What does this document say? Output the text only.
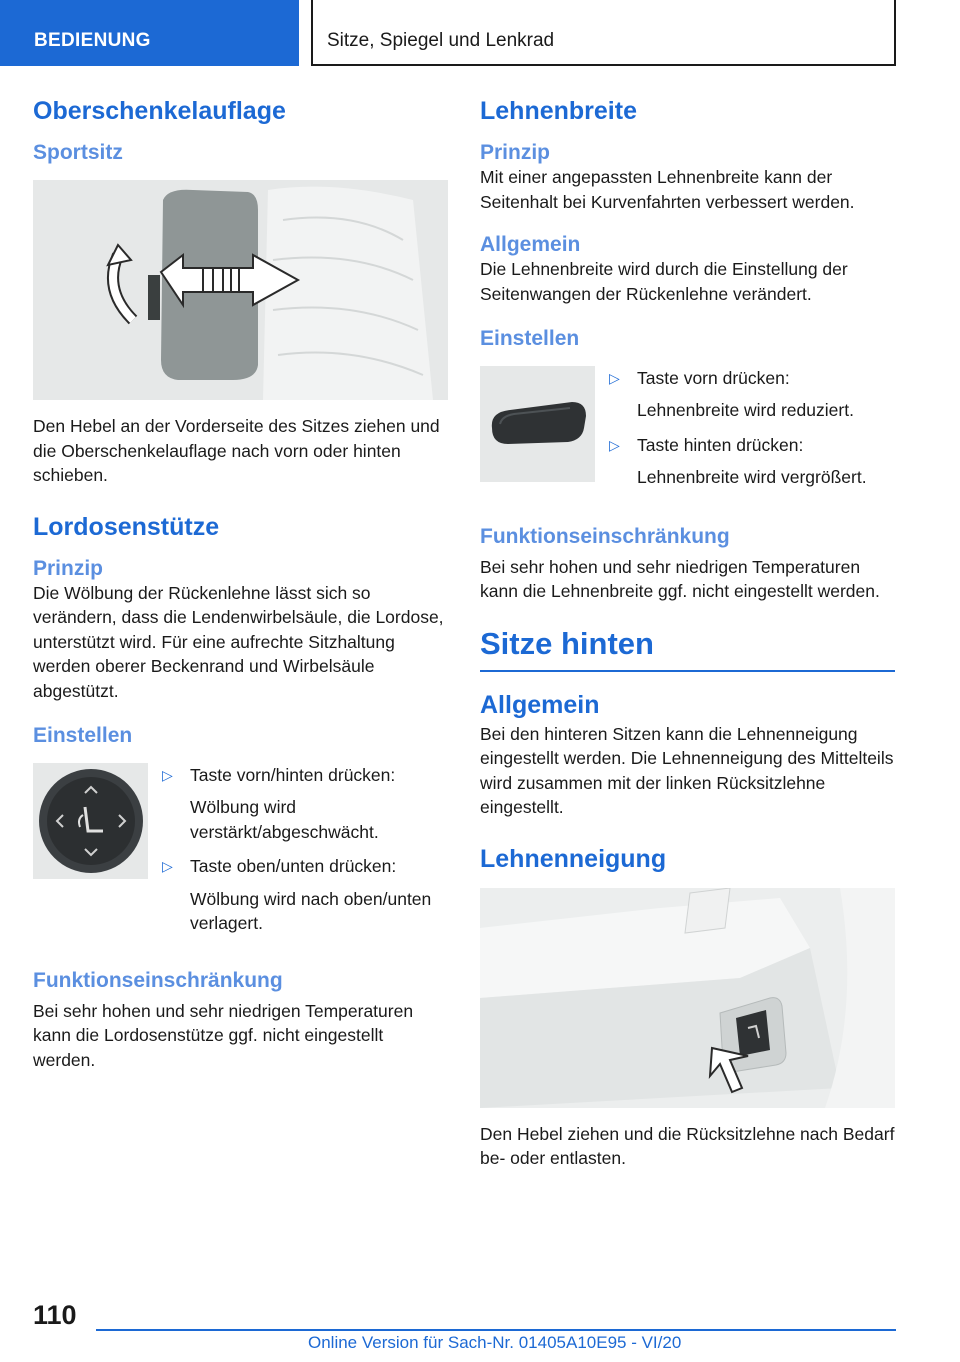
BEDIENUNG	Sitze, Spiegel und Lenkrad
Oberschenkelauflage
Sportsitz

Den Hebel an der Vorderseite des Sitzes ziehen und die Oberschenkelauflage nach vorn oder hinten schieben.

Lordosenstütze
Prinzip

Die Wölbung der Rückenlehne lässt sich so verändern, dass die Lendenwirbelsäule, die Lordose, unterstützt wird. Für eine aufrechte Sitzhaltung werden oberer Beckenrand und Wirbelsäule abgestützt.

Einstellen
▷ Taste vorn/hinten drücken:
Wölbung wird verstärkt/abgeschwächt.
▷ Taste oben/unten drücken:
Wölbung wird nach oben/unten verlagert.
Funktionseinschränkung

Bei sehr hohen und sehr niedrigen Temperaturen kann die Lordosenstütze ggf. nicht eingestellt werden.

Lehnenbreite
Prinzip

Mit einer angepassten Lehnenbreite kann der Seitenhalt bei Kurvenfahrten verbessert werden.

Allgemein

Die Lehnenbreite wird durch die Einstellung der Seitenwangen der Rückenlehne verändert.

Einstellen
▷ Taste vorn drücken:
Lehnenbreite wird reduziert.
▷ Taste hinten drücken:
Lehnenbreite wird vergrößert.
Funktionseinschränkung

Bei sehr hohen und sehr niedrigen Temperaturen kann die Lehnenbreite ggf. nicht eingestellt werden.

Sitze hinten
Allgemein

Bei den hinteren Sitzen kann die Lehnenneigung eingestellt werden. Die Lehnenneigung des Mittelteils wird zusammen mit der linken Rücksitzlehne eingestellt.

Lehnenneigung

Den Hebel ziehen und die Rücksitzlehne nach Bedarf be- oder entlasten.

110
Online Version für Sach-Nr. 01405A10E95 - VI/20
